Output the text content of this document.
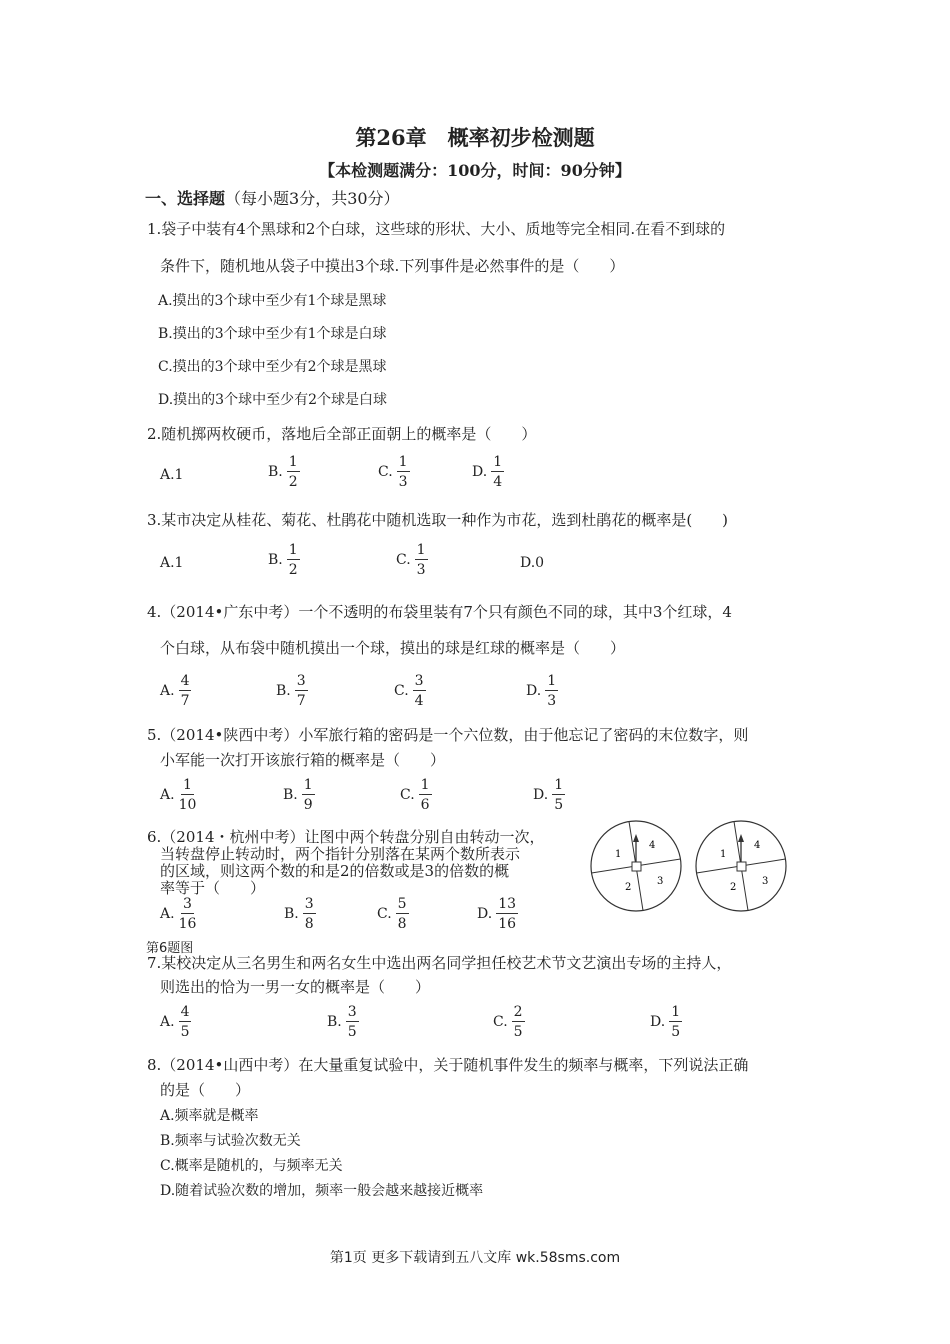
第26章　概率初步检测题
【本检测题满分：100分，时间：90分钟】
一、选择题（每小题3分，共30分）
1.袋子中装有4个黑球和2个白球，这些球的形状、大小、质地等完全相同.在看不到球的
条件下，随机地从袋子中摸出3个球.下列事件是必然事件的是（　　）
A.摸出的3个球中至少有1个球是黑球
B.摸出的3个球中至少有1个球是白球
C.摸出的3个球中至少有2个球是黑球
D.摸出的3个球中至少有2个球是白球
2.随机掷两枚硬币，落地后全部正面朝上的概率是（　　）
A.1	B. $\frac{1}{2}$	C. $\frac{1}{3}$	D. $\frac{1}{4}$
3.某市决定从桂花、菊花、杜鹃花中随机选取一种作为市花，选到杜鹃花的概率是(　　)
A.1	B. $\frac{1}{2}$	C. $\frac{1}{3}$	D.0
4.（2014•广东中考）一个不透明的布袋里装有7个只有颜色不同的球，其中3个红球，4
个白球，从布袋中随机摸出一个球，摸出的球是红球的概率是（　　）
A. $\frac{4}{7}$	B. $\frac{3}{7}$	C. $\frac{3}{4}$	D. $\frac{1}{3}$
5.（2014•陕西中考）小军旅行箱的密码是一个六位数，由于他忘记了密码的末位数字，则
小军能一次打开该旅行箱的概率是（　　）
A. $\frac{1}{10}$	B. $\frac{1}{9}$	C. $\frac{1}{6}$	D. $\frac{1}{5}$
6.（2014・杭州中考）让图中两个转盘分别自由转动一次，
当转盘停止转动时，两个指针分别落在某两个数所表示
的区域，则这两个数的和是2的倍数或是3的倍数的概
率等于（　　）
A. $\frac{3}{16}$	B. $\frac{3}{8}$	C. $\frac{5}{8}$	D. $\frac{13}{16}$
第6题图
1
2
3
4
1
2
3
4
7.某校决定从三名男生和两名女生中选出两名同学担任校艺术节文艺演出专场的主持人，
则选出的恰为一男一女的概率是（　　）
A. $\frac{4}{5}$	B. $\frac{3}{5}$	C. $\frac{2}{5}$	D. $\frac{1}{5}$
8.（2014•山西中考）在大量重复试验中，关于随机事件发生的频率与概率，下列说法正确
的是（　　）
A.频率就是概率
B.频率与试验次数无关
C.概率是随机的，与频率无关
D.随着试验次数的增加，频率一般会越来越接近概率
第1页 更多下载请到五八文库 wk.58sms.com
